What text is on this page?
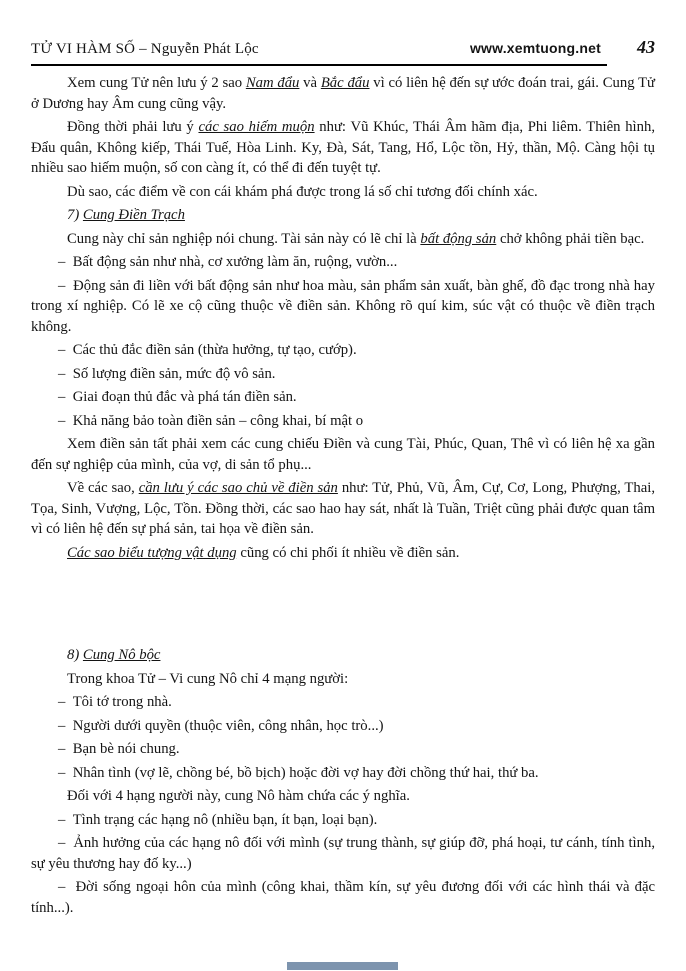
TỬ VI HÀM SỐ – Nguyễn Phát Lộc	www.xemtuong.net 43

Xem cung Tử nên lưu ý 2 sao Nam đẩu và Bắc đẩu vì có liên hệ đến sự ước đoán trai, gái. Cung Tử ở Dương hay Âm cung cũng vậy.

Đồng thời phải lưu ý các sao hiếm muộn như: Vũ Khúc, Thái Âm hãm địa, Phi liêm. Thiên hình, Đẩu quân, Không kiếp, Thái Tuế, Hòa Linh. Ky, Đà, Sát, Tang, Hổ, Lộc tồn, Hỷ, thần, Mộ. Càng hội tụ nhiều sao hiếm muộn, số con càng ít, có thể đi đến tuyệt tự.

Dù sao, các điểm về con cái khám phá được trong lá số chỉ tương đối chính xác.

7) Cung Điền Trạch

Cung này chỉ sản nghiệp nói chung. Tài sản này có lẽ chỉ là bất động sản chở không phải tiền bạc.

–  Bất động sản như nhà, cơ xưởng làm ăn, ruộng, vườn...

–  Động sản đi liền với bất động sản như hoa màu, sản phẩm sản xuất, bàn ghế, đồ đạc trong nhà hay trong xí nghiệp. Có lẽ xe cộ cũng thuộc về điền sản. Không rõ quí kim, súc vật có thuộc về điền trạch không.

–  Các thủ đắc điền sản (thừa hưởng, tự tạo, cướp).

–  Số lượng điền sản, mức độ vô sản.

–  Giai đoạn thủ đắc và phá tán điền sản.

–  Khả năng bảo toàn điền sản – công khai, bí mật o

Xem điền sản tất phải xem các cung chiếu Điền và cung Tài, Phúc, Quan, Thê vì có liên hệ xa gần đến sự nghiệp của mình, của vợ, di sản tổ phụ...

Về các sao, cần lưu ý các sao chủ về điền sản như: Tử, Phủ, Vũ, Âm, Cự, Cơ, Long, Phượng, Thai, Tọa, Sinh, Vượng, Lộc, Tồn. Đồng thời, các sao hao hay sát, nhất là Tuần, Triệt cũng phải được quan tâm vì có liên hệ đến sự phá sản, tai họa về điền sản.

Các sao biểu tượng vật dụng cũng có chi phối ít nhiều về điền sản.

8) Cung Nô bộc

Trong khoa Tử – Vi cung Nô chỉ 4 mạng người:

–  Tôi tớ trong nhà.

–  Người dưới quyền (thuộc viên, công nhân, học trò...)

–  Bạn bè nói chung.

–  Nhân tình (vợ lẽ, chồng bé, bồ bịch) hoặc đời vợ hay đời chồng thứ hai, thứ ba.

Đối với 4 hạng người này, cung Nô hàm chứa các ý nghĩa.

–  Tình trạng các hạng nô (nhiều bạn, ít bạn, loại bạn).

–  Ảnh hưởng của các hạng nô đối với mình (sự trung thành, sự giúp đỡ, phá hoại, tư cánh, tính tình, sự yêu thương hay đố ky...)

–  Đời sống ngoại hôn của mình (công khai, thầm kín, sự yêu đương đối với các hình thái và đặc tính...).
